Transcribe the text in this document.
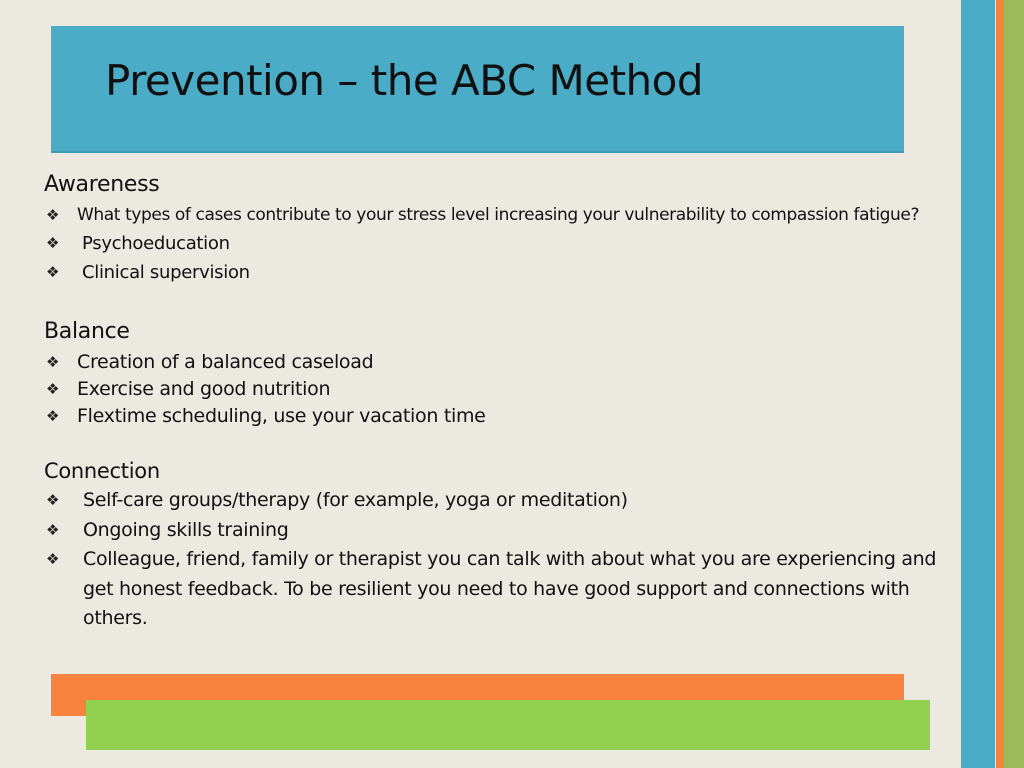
Prevention – the ABC Method
Awareness
❖ What types of cases contribute to your stress level increasing your vulnerability to compassion fatigue?
❖ Psychoeducation
❖ Clinical supervision
Balance
❖ Creation of a balanced caseload
❖ Exercise and good nutrition
❖ Flextime scheduling, use your vacation time
Connection
❖ Self-care groups/therapy (for example, yoga or meditation)
❖ Ongoing skills training
❖ Colleague, friend, family or therapist you can talk with about what you are experiencing and get honest feedback. To be resilient you need to have good support and connections with others.
